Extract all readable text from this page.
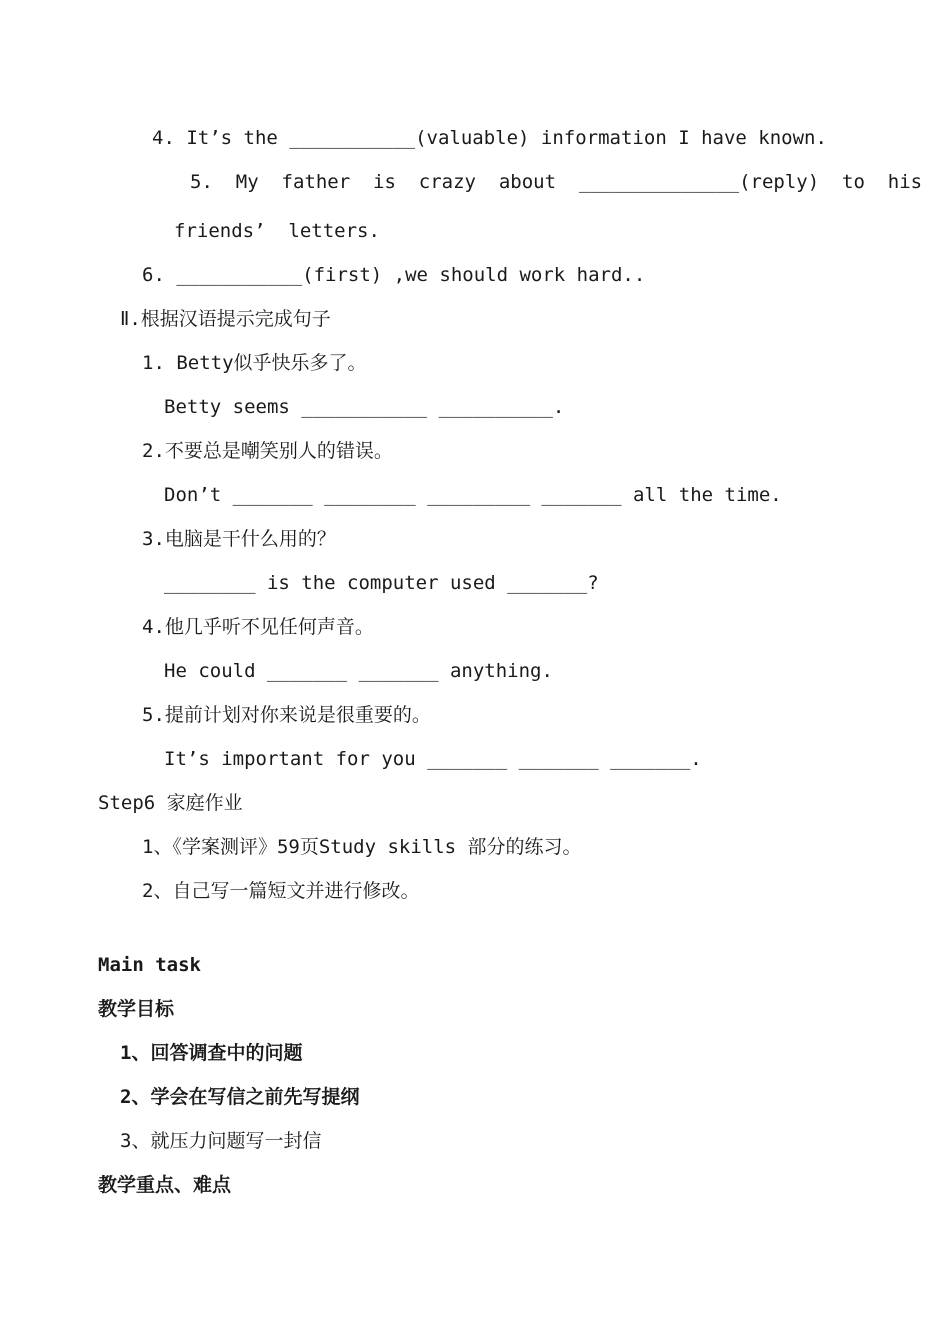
4. It’s the ___________(valuable) information I have known.
5.  My  father  is  crazy  about  ______________(reply)  to  his
friends’  letters.
6. ___________(first) ,we should work hard..
Ⅱ.根据汉语提示完成句子
1. Betty似乎快乐多了。
Betty seems ___________ __________.
2.不要总是嘲笑别人的错误。
Don’t _______ ________ _________ _______ all the time.
3.电脑是干什么用的？
________ is the computer used _______?
4.他几乎听不见任何声音。
He could _______ _______ anything.
5.提前计划对你来说是很重要的。
It’s important for you _______ _______ _______.
Step6 家庭作业
1、《学案测评》59页Study skills 部分的练习。
2、自己写一篇短文并进行修改。
Main task
教学目标
1、回答调查中的问题
2、学会在写信之前先写提纲
3、就压力问题写一封信
教学重点、难点
